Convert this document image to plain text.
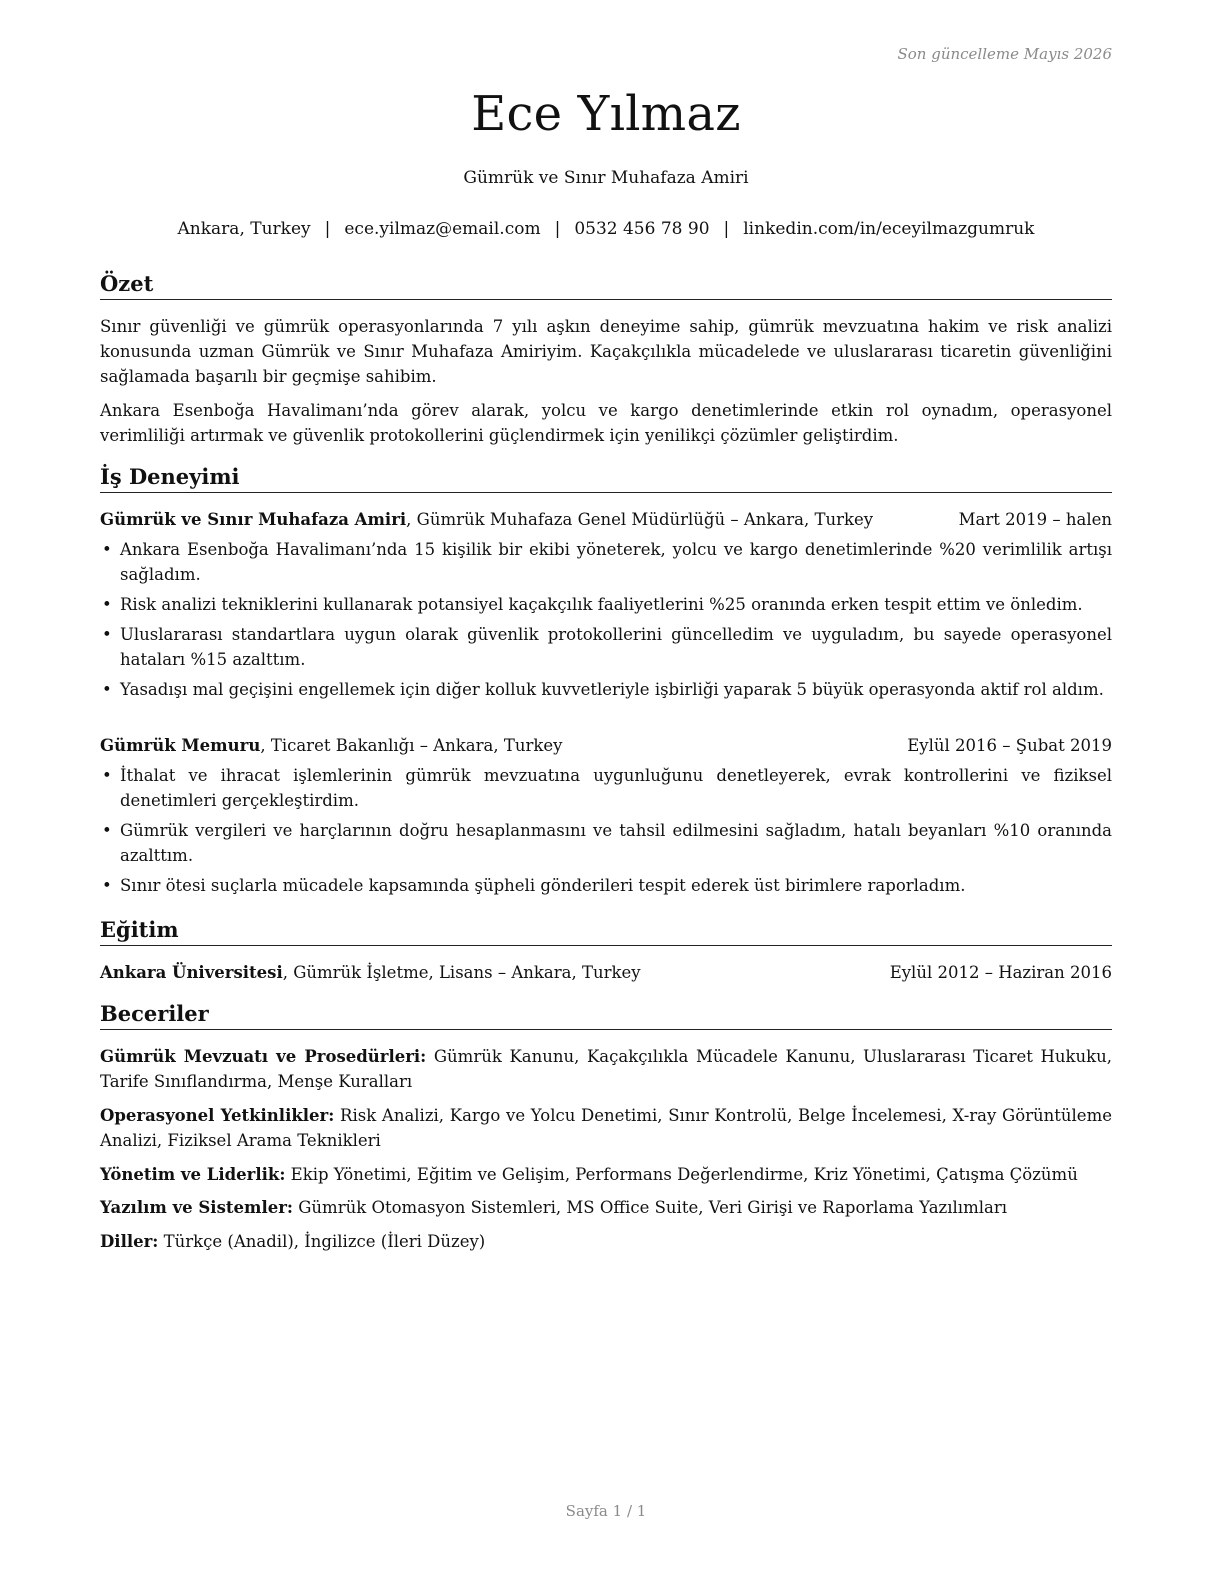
Son güncelleme Mayıs 2026
Ece Yılmaz
Gümrük ve Sınır Muhafaza Amiri
Ankara, Turkey | ece.yilmaz@email.com | 0532 456 78 90 | linkedin.com/in/eceyilmazgumruk
Özet
Sınır güvenliği ve gümrük operasyonlarında 7 yılı aşkın deneyime sahip, gümrük mevzuatına hakim ve risk analizi konusunda uzman Gümrük ve Sınır Muhafaza Amiriyim. Kaçakçılıkla mücadelede ve uluslararası ticaretin güvenliğini sağlamada başarılı bir geçmişe sahibim.
Ankara Esenboğa Havalimanı’nda görev alarak, yolcu ve kargo denetimlerinde etkin rol oynadım, operasyonel verimliliği artırmak ve güvenlik protokollerini güçlendirmek için yenilikçi çözümler geliştirdim.
İş Deneyimi
Gümrük ve Sınır Muhafaza Amiri, Gümrük Muhafaza Genel Müdürlüğü – Ankara, Turkey	Mart 2019 – halen
• Ankara Esenboğa Havalimanı’nda 15 kişilik bir ekibi yöneterek, yolcu ve kargo denetimlerinde %20 verimlilik artışı sağladım.
• Risk analizi tekniklerini kullanarak potansiyel kaçakçılık faaliyetlerini %25 oranında erken tespit ettim ve önledim.
• Uluslararası standartlara uygun olarak güvenlik protokollerini güncelledim ve uyguladım, bu sayede operasyonel hataları %15 azalttım.
• Yasadışı mal geçişini engellemek için diğer kolluk kuvvetleriyle işbirliği yaparak 5 büyük operasyonda aktif rol aldım.
Gümrük Memuru, Ticaret Bakanlığı – Ankara, Turkey	Eylül 2016 – Şubat 2019
• İthalat ve ihracat işlemlerinin gümrük mevzuatına uygunluğunu denetleyerek, evrak kontrollerini ve fiziksel denetimleri gerçekleştirdim.
• Gümrük vergileri ve harçlarının doğru hesaplanmasını ve tahsil edilmesini sağladım, hatalı beyanları %10 oranında azalttım.
• Sınır ötesi suçlarla mücadele kapsamında şüpheli gönderileri tespit ederek üst birimlere raporladım.
Eğitim
Ankara Üniversitesi, Gümrük İşletme, Lisans – Ankara, Turkey	Eylül 2012 – Haziran 2016
Beceriler
Gümrük Mevzuatı ve Prosedürleri: Gümrük Kanunu, Kaçakçılıkla Mücadele Kanunu, Uluslararası Ticaret Hukuku, Tarife Sınıflandırma, Menşe Kuralları
Operasyonel Yetkinlikler: Risk Analizi, Kargo ve Yolcu Denetimi, Sınır Kontrolü, Belge İncelemesi, X-ray Görüntüleme Analizi, Fiziksel Arama Teknikleri
Yönetim ve Liderlik: Ekip Yönetimi, Eğitim ve Gelişim, Performans Değerlendirme, Kriz Yönetimi, Çatışma Çözümü
Yazılım ve Sistemler: Gümrük Otomasyon Sistemleri, MS Office Suite, Veri Girişi ve Raporlama Yazılımları
Diller: Türkçe (Anadil), İngilizce (İleri Düzey)
Sayfa 1 / 1
